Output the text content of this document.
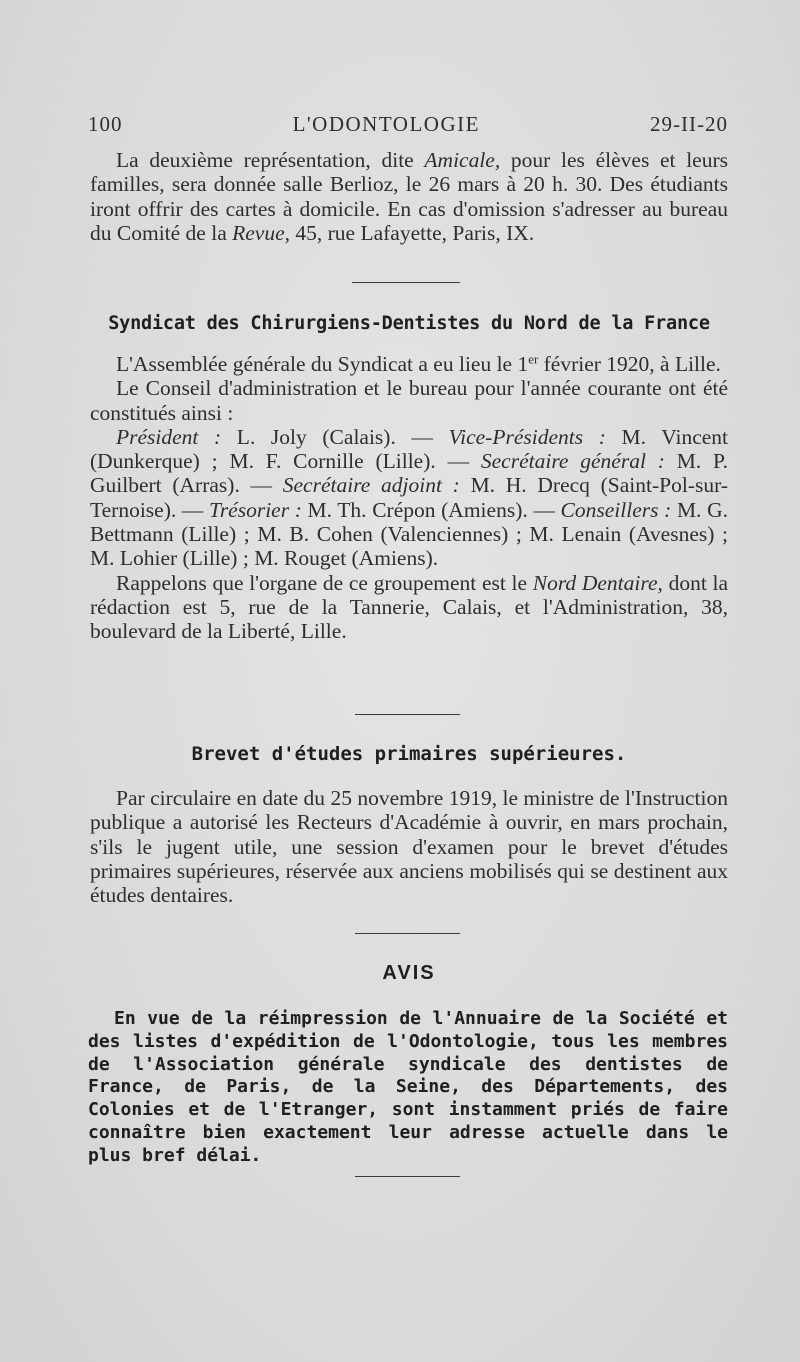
100	L'ODONTOLOGIE	29-II-20

La deuxième représentation, dite Amicale, pour les élèves et leurs familles, sera donnée salle Berlioz, le 26 mars à 20 h. 30. Des étudiants iront offrir des cartes à domicile. En cas d'omission s'adresser au bureau du Comité de la Revue, 45, rue Lafayette, Paris, IX.

Syndicat des Chirurgiens-Dentistes du Nord de la France

L'Assemblée générale du Syndicat a eu lieu le 1er février 1920, à Lille.

Le Conseil d'administration et le bureau pour l'année courante ont été constitués ainsi :

Président : L. Joly (Calais). — Vice-Présidents : M. Vincent (Dunkerque) ; M. F. Cornille (Lille). — Secrétaire général : M. P. Guilbert (Arras). — Secrétaire adjoint : M. H. Drecq (Saint-Pol-sur-Ternoise). — Trésorier : M. Th. Crépon (Amiens). — Conseillers : M. G. Bettmann (Lille) ; M. B. Cohen (Valenciennes) ; M. Lenain (Avesnes) ; M. Lohier (Lille) ; M. Rouget (Amiens).

Rappelons que l'organe de ce groupement est le Nord Dentaire, dont la rédaction est 5, rue de la Tannerie, Calais, et l'Administration, 38, boulevard de la Liberté, Lille.

Brevet d'études primaires supérieures.

Par circulaire en date du 25 novembre 1919, le ministre de l'Instruction publique a autorisé les Recteurs d'Académie à ouvrir, en mars prochain, s'ils le jugent utile, une session d'examen pour le brevet d'études primaires supérieures, réservée aux anciens mobilisés qui se destinent aux études dentaires.

AVIS

En vue de la réimpression de l'Annuaire de la Société et des listes d'expédition de l'Odontologie, tous les membres de l'Association générale syndicale des dentistes de France, de Paris, de la Seine, des Départements, des Colonies et de l'Etranger, sont instamment priés de faire connaître bien exactement leur adresse actuelle dans le plus bref délai.
